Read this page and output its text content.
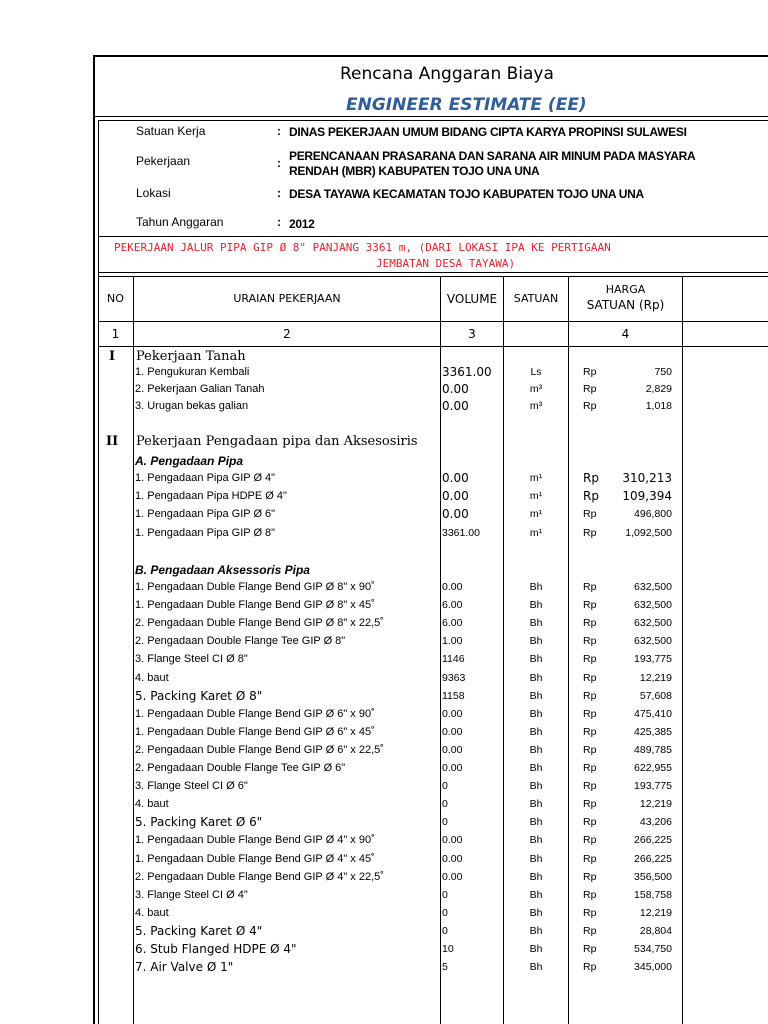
Rencana Anggaran Biaya
ENGINEER ESTIMATE (EE)
Satuan Kerja	: DINAS PEKERJAAN UMUM BIDANG CIPTA KARYA PROPINSI SULAWESI
Pekerjaan	: PERENCANAAN PRASARANA DAN SARANA AIR MINUM PADA MASYARA
RENDAH (MBR) KABUPATEN TOJO UNA UNA
Lokasi	: DESA TAYAWA KECAMATAN TOJO KABUPATEN TOJO UNA UNA
Tahun Anggaran	: 2012
PEKERJAAN JALUR PIPA GIP Ø 8" PANJANG 3361 m, (DARI LOKASI IPA KE PERTIGAAN
JEMBATAN DESA TAYAWA)
NO	URAIAN PEKERJAAN	VOLUME	SATUAN
HARGA
SATUAN (Rp)
1	2	3	4
I Pekerjaan Tanah
1. Pengukuran Kembali	3361.00	Ls	Rp	750
2. Pekerjaan Galian Tanah	0.00	m³	Rp	2,829
3. Urugan bekas galian	0.00	m³	Rp	1,018
II Pekerjaan Pengadaan pipa dan Aksesosiris
A. Pengadaan Pipa
1. Pengadaan Pipa GIP Ø 4"	0.00	m¹	Rp 310,213
1. Pengadaan Pipa HDPE Ø 4"	0.00	m¹	Rp 109,394
1. Pengadaan Pipa GIP Ø 6"	0.00	m¹	Rp	496,800
1. Pengadaan Pipa GIP Ø 8"	3361.00	m¹	Rp	1,092,500
B. Pengadaan Aksessoris Pipa
1. Pengadaan Duble Flange Bend GIP Ø 8" x 90˚	0.00	Bh	Rp	632,500
1. Pengadaan Duble Flange Bend GIP Ø 8" x 45˚	6.00	Bh	Rp	632,500
2. Pengadaan Duble Flange Bend GIP Ø 8" x 22,5˚	6.00	Bh	Rp	632,500
2. Pengadaan Double Flange Tee GIP Ø 8"	1.00	Bh	Rp	632,500
3. Flange Steel CI Ø 8"	1146	Bh	Rp	193,775
4. baut	9363	Bh	Rp	12,219
5. Packing Karet Ø 8"	1158	Bh	Rp	57,608
1. Pengadaan Duble Flange Bend GIP Ø 6" x 90˚	0.00	Bh	Rp	475,410
1. Pengadaan Duble Flange Bend GIP Ø 6" x 45˚	0.00	Bh	Rp	425,385
2. Pengadaan Duble Flange Bend GIP Ø 6" x 22,5˚	0.00	Bh	Rp	489,785
2. Pengadaan Double Flange Tee GIP Ø 6"	0.00	Bh	Rp	622,955
3. Flange Steel CI Ø 6"	0	Bh	Rp	193,775
4. baut	0	Bh	Rp	12,219
5. Packing Karet Ø 6"	0	Bh	Rp	43,206
1. Pengadaan Duble Flange Bend GIP Ø 4" x 90˚	0.00	Bh	Rp	266,225
1. Pengadaan Duble Flange Bend GIP Ø 4" x 45˚	0.00	Bh	Rp	266,225
2. Pengadaan Duble Flange Bend GIP Ø 4" x 22,5˚	0.00	Bh	Rp	356,500
3. Flange Steel CI Ø 4"	0	Bh	Rp	158,758
4. baut	0	Bh	Rp	12,219
5. Packing Karet Ø 4"	0	Bh	Rp	28,804
6. Stub Flanged HDPE Ø 4"	10	Bh	Rp	534,750
7. Air Valve Ø 1"	5	Bh	Rp	345,000
